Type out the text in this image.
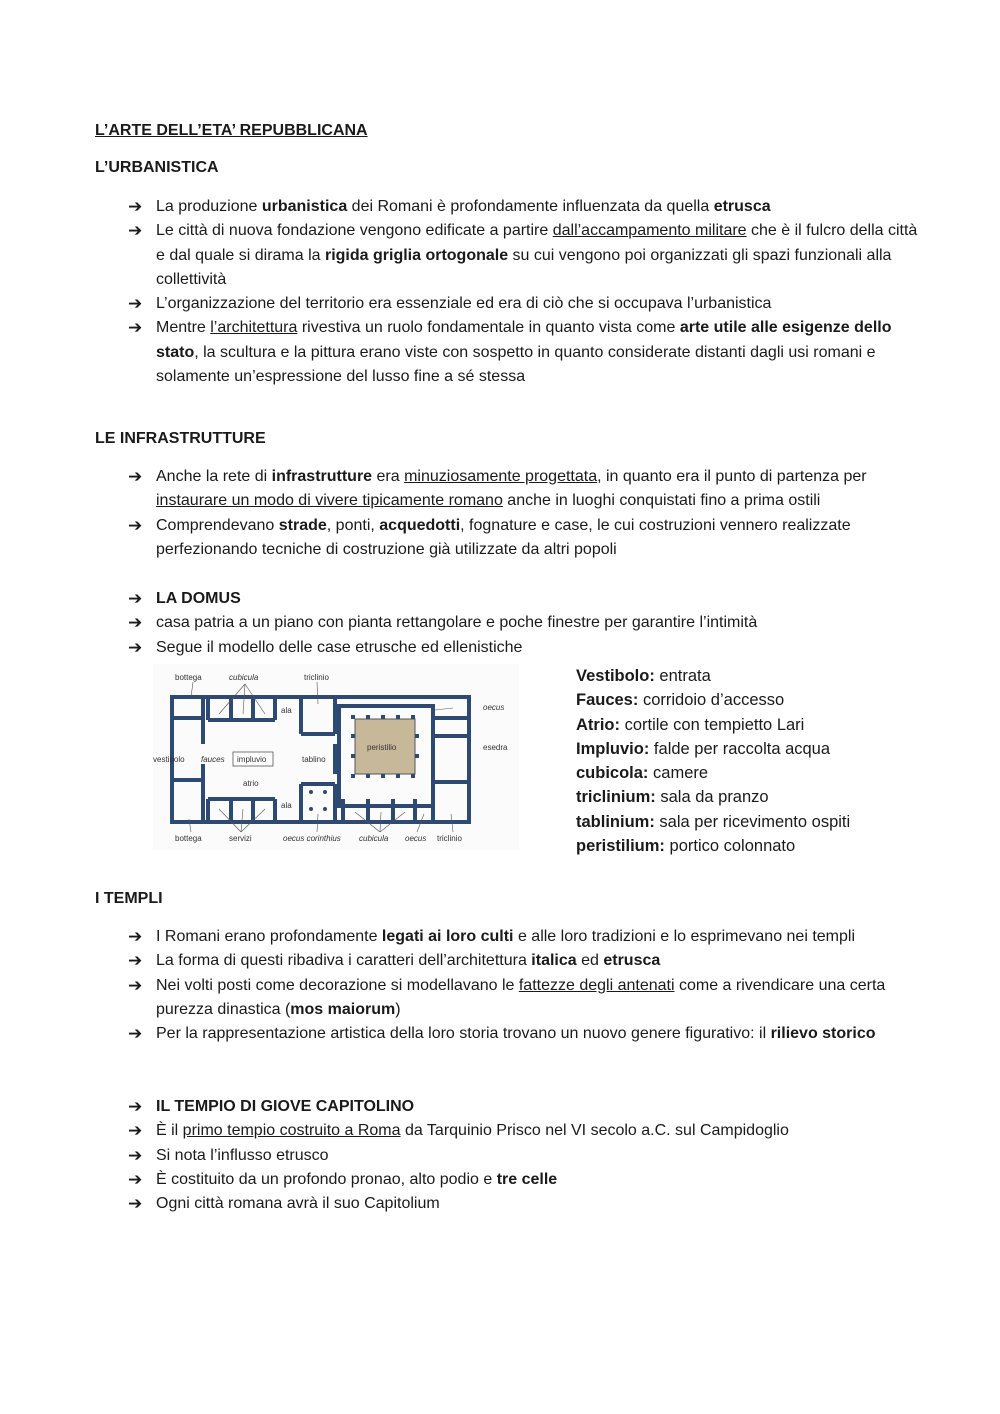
L’ARTE DELL’ETA’ REPUBBLICANA
L’URBANISTICA
➔ La produzione urbanistica dei Romani è profondamente influenzata da quella etrusca
➔ Le città di nuova fondazione vengono edificate a partire dall’accampamento militare che è il fulcro della città e dal quale si dirama la rigida griglia ortogonale su cui vengono poi organizzati gli spazi funzionali alla collettività
➔ L’organizzazione del territorio era essenziale ed era di ciò che si occupava l’urbanistica
➔ Mentre l’architettura rivestiva un ruolo fondamentale in quanto vista come arte utile alle esigenze dello stato, la scultura e la pittura erano viste con sospetto in quanto considerate distanti dagli usi romani e solamente un’espressione del lusso fine a sé stessa
LE INFRASTRUTTURE
➔ Anche la rete di infrastrutture era minuziosamente progettata, in quanto era il punto di partenza per instaurare un modo di vivere tipicamente romano anche in luoghi conquistati fino a prima ostili
➔ Comprendevano strade, ponti, acquedotti, fognature e case, le cui costruzioni vennero realizzate perfezionando tecniche di costruzione già utilizzate da altri popoli
➔ LA DOMUS
➔ casa patria a un piano con pianta rettangolare e poche finestre per garantire l’intimità
➔ Segue il modello delle case etrusche ed ellenistiche
bottega	cubicula	triclinio
ala	oecus
peristilio	esedra
vestibolo fauces impluvio	tablino
atrio
ala
bottega	servizi	oecus corinthius cubicula oecus triclinio
Vestibolo: entrata
Fauces: corridoio d’accesso
Atrio: cortile con tempietto Lari
Impluvio: falde per raccolta acqua
cubicola: camere
triclinium: sala da pranzo
tablinium: sala per ricevimento ospiti
peristilium: portico colonnato
I TEMPLI
➔ I Romani erano profondamente legati ai loro culti e alle loro tradizioni e lo esprimevano nei templi
➔ La forma di questi ribadiva i caratteri dell’architettura italica ed etrusca
➔ Nei volti posti come decorazione si modellavano le fattezze degli antenati come a rivendicare una certa purezza dinastica (mos maiorum)
➔ Per la rappresentazione artistica della loro storia trovano un nuovo genere figurativo: il rilievo storico
➔ IL TEMPIO DI GIOVE CAPITOLINO
➔ È il primo tempio costruito a Roma da Tarquinio Prisco nel VI secolo a.C. sul Campidoglio
➔ Si nota l’influsso etrusco
➔ È costituito da un profondo pronao, alto podio e tre celle
➔ Ogni città romana avrà il suo Capitolium
